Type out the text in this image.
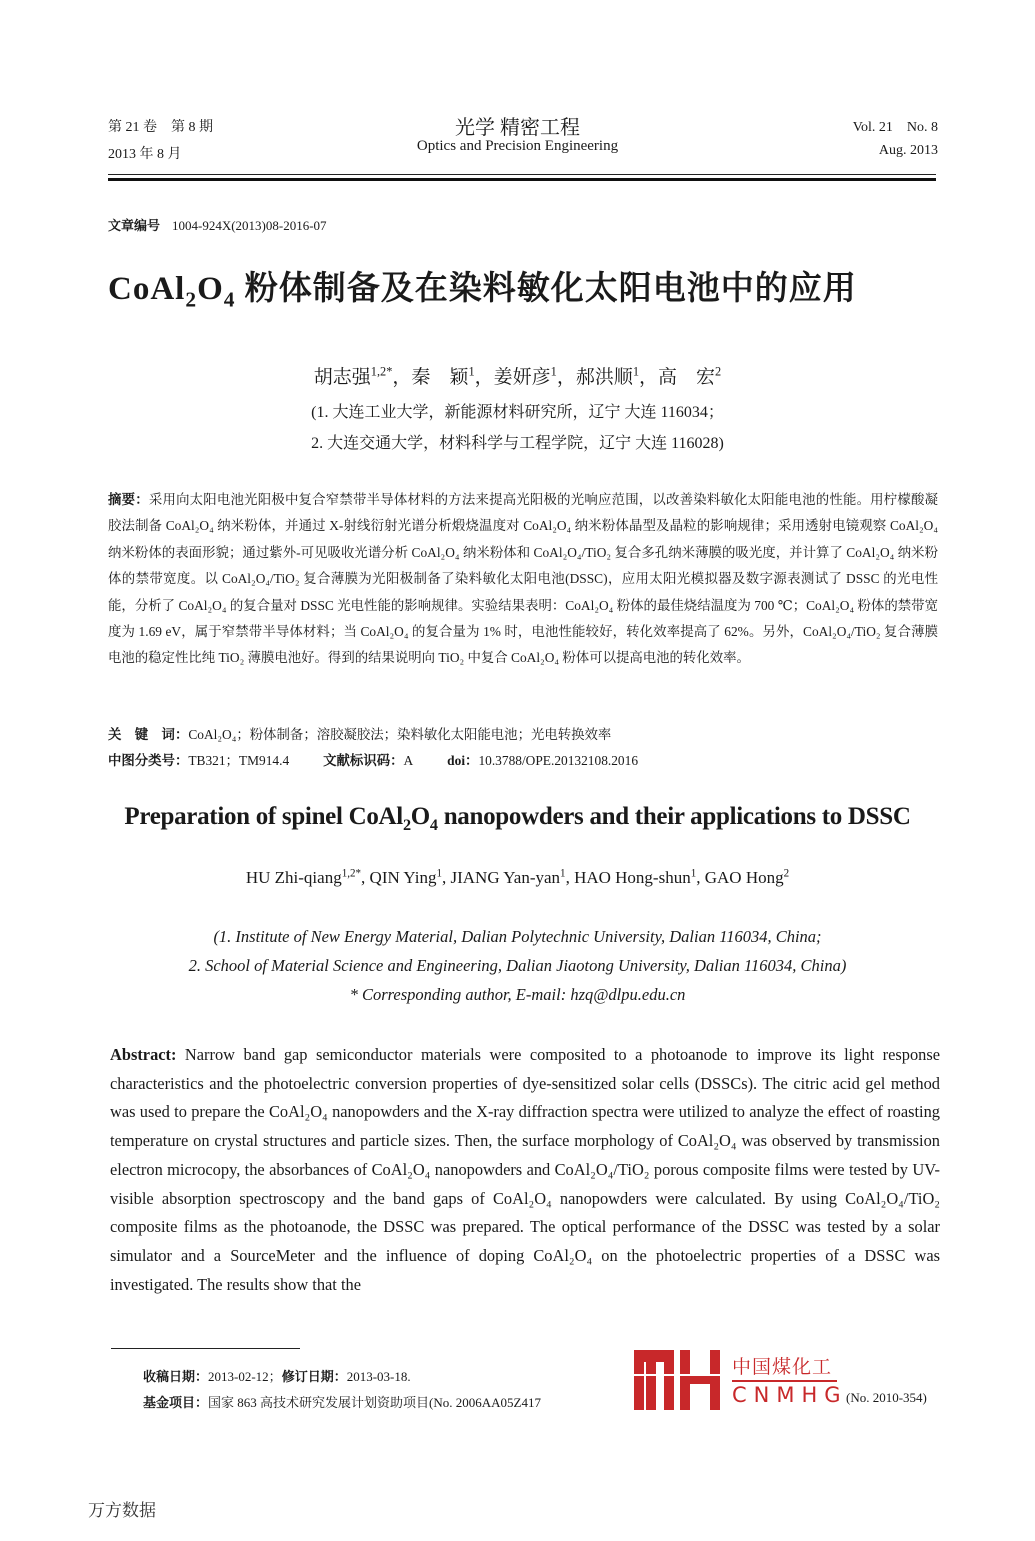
第 21 卷　第 8 期
2013 年 8 月
光学 精密工程
Optics and Precision Engineering
Vol. 21　No. 8
Aug. 2013
文章编号 1004-924X(2013)08-2016-07
$CoAl_2O_4$ 粉体制备及在染料敏化太阳电池中的应用
胡志强$^{1,2*}$，秦　颖$^1$，姜妍彦$^1$，郝洪顺$^1$，高　宏$^2$
(1. 大连工业大学，新能源材料研究所，辽宁 大连 116034；
2. 大连交通大学，材料科学与工程学院，辽宁 大连 116028)
摘要：采用向太阳电池光阳极中复合窄禁带半导体材料的方法来提高光阳极的光响应范围，以改善染料敏化太阳能电池的性能。用柠檬酸凝胶法制备 CoAl₂O₄ 纳米粉体，并通过 X-射线衍射光谱分析煅烧温度对 CoAl₂O₄ 纳米粉体晶型及晶粒的影响规律；采用透射电镜观察 CoAl₂O₄ 纳米粉体的表面形貌；通过紫外-可见吸收光谱分析 CoAl₂O₄ 纳米粉体和 CoAl₂O₄/TiO₂ 复合多孔纳米薄膜的吸光度，并计算了 CoAl₂O₄ 纳米粉体的禁带宽度。以 CoAl₂O₄/TiO₂ 复合薄膜为光阳极制备了染料敏化太阳电池(DSSC)，应用太阳光模拟器及数字源表测试了 DSSC 的光电性能，分析了 CoAl₂O₄ 的复合量对 DSSC 光电性能的影响规律。实验结果表明：CoAl₂O₄ 粉体的最佳烧结温度为 700 ℃；CoAl₂O₄ 粉体的禁带宽度为 1.69 eV，属于窄禁带半导体材料；当 CoAl₂O₄ 的复合量为 1% 时，电池性能较好，转化效率提高了 62%。另外，CoAl₂O₄/TiO₂ 复合薄膜电池的稳定性比纯 TiO₂ 薄膜电池好。得到的结果说明向 TiO₂ 中复合 CoAl₂O₄ 粉体可以提高电池的转化效率。
关　键　词：CoAl₂O₄；粉体制备；溶胶凝胶法；染料敏化太阳能电池；光电转换效率
中图分类号：TB321；TM914.4	文献标识码：A	doi：10.3788/OPE.20132108.2016
Preparation of spinel $CoAl_2O_4$ nanopowders and their applications to DSSC
HU Zhi-qiang$^{1,2*}$, QIN Ying$^1$, JIANG Yan-yan$^1$, HAO Hong-shun$^1$, GAO Hong$^2$
(1. Institute of New Energy Material, Dalian Polytechnic University, Dalian 116034, China;
2. School of Material Science and Engineering, Dalian Jiaotong University, Dalian 116034, China)
* Corresponding author, E-mail: hzq@dlpu.edu.cn
Abstract: Narrow band gap semiconductor materials were composited to a photoanode to improve its light response characteristics and the photoelectric conversion properties of dye-sensitized solar cells (DSSCs). The citric acid gel method was used to prepare the CoAl₂O₄ nanopowders and the X-ray diffraction spectra were utilized to analyze the effect of roasting temperature on crystal structures and particle sizes. Then, the surface morphology of CoAl₂O₄ was observed by transmission electron microcopy, the absorbances of CoAl₂O₄ nanopowders and CoAl₂O₄/TiO₂ porous composite films were tested by UV-visible absorption spectroscopy and the band gaps of CoAl₂O₄ nanopowders were calculated. By using CoAl₂O₄/TiO₂ composite films as the photoanode, the DSSC was prepared. The optical performance of the DSSC was tested by a solar simulator and a SourceMeter and the influence of doping CoAl₂O₄ on the photoelectric properties of a DSSC was investigated. The results show that the
收稿日期：2013-02-12；修订日期：2013-03-18.
基金项目：国家 863 高技术研究发展计划资助项目(No. 2006AA05Z417
中国煤化工
CNMHG
(No. 2010-354)
万方数据
